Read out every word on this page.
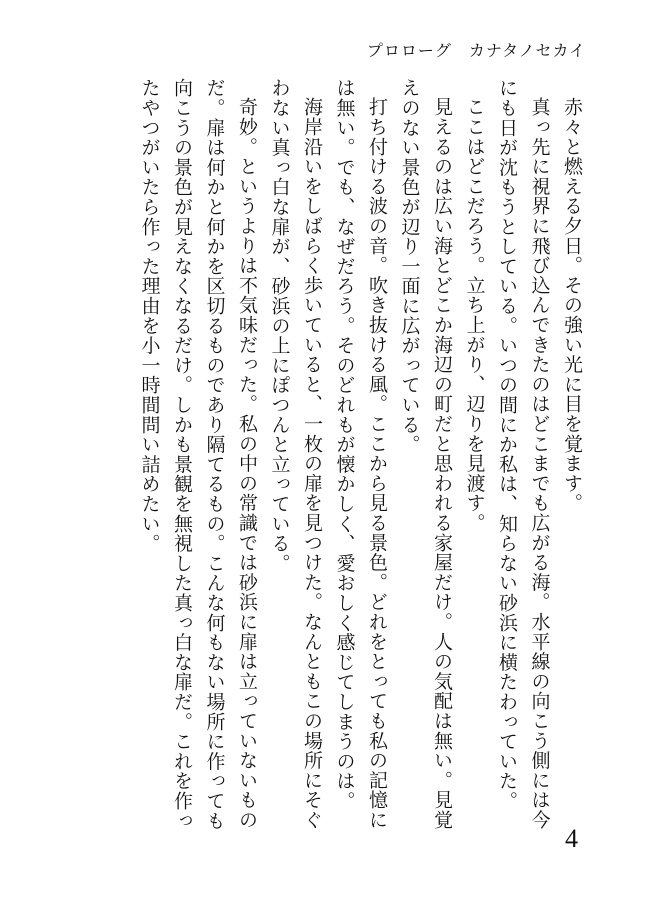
プロローグ　カナタノセカイ

赤々と燃える夕日。その強い光に目を覚ます。

真っ先に視界に飛び込んできたのはどこまでも広がる海。水平線の向こう側には今にも日が沈もうとしている。いつの間にか私は、知らない砂浜に横たわっていた。

ここはどこだろう。立ち上がり、辺りを見渡す。

見えるのは広い海とどこか海辺の町だと思われる家屋だけ。人の気配は無い。見覚えのない景色が辺り一面に広がっている。

打ち付ける波の音。吹き抜ける風。ここから見る景色。どれをとっても私の記憶には無い。でも、なぜだろう。そのどれもが懐かしく、愛おしく感じてしまうのは。

海岸沿いをしばらく歩いていると、一枚の扉を見つけた。なんともこの場所にそぐわない真っ白な扉が、砂浜の上にぽつんと立っている。

奇妙。というよりは不気味だった。私の中の常識では砂浜に扉は立っていないものだ。扉は何かと何かを区切るものであり隔てるもの。こんな何もない場所に作っても向こうの景色が見えなくなるだけ。しかも景観を無視した真っ白な扉だ。これを作ったやつがいたら作った理由を小一時間問い詰めたい。

4
